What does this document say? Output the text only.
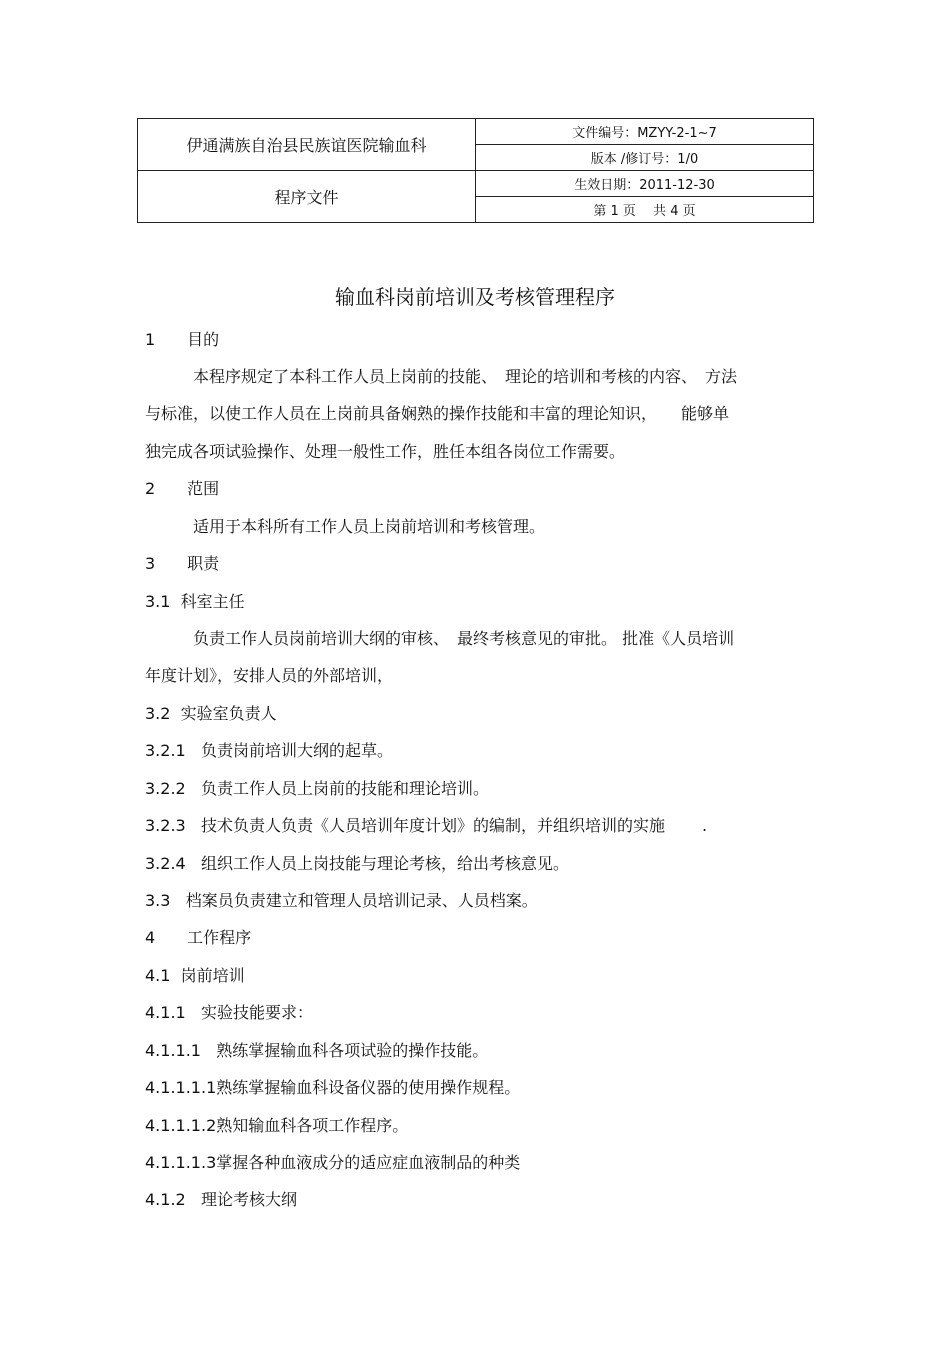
伊通满族自治县民族谊医院输血科	文件编号：MZYY-2-1~7
	版本 /修订号：1/0
程序文件	生效日期：2011-12-30
	第 1 页　 共 4 页
输血科岗前培训及考核管理程序
1　　目的
　　　本程序规定了本科工作人员上岗前的技能、　理论的培训和考核的内容、　方法
与标准，以使工作人员在上岗前具备娴熟的操作技能和丰富的理论知识，　　能够单
独完成各项试验操作、处理一般性工作，胜任本组各岗位工作需要。
2　　范围
　　　适用于本科所有工作人员上岗前培训和考核管理。
3　　职责
3.1  科室主任
　　　负责工作人员岗前培训大纲的审核、　最终考核意见的审批。 批准《人员培训
年度计划》，安排人员的外部培训，
3.2  实验室负责人
3.2.1   负责岗前培训大纲的起草。
3.2.2   负责工作人员上岗前的技能和理论培训。
3.2.3   技术负责人负责《人员培训年度计划》的编制，并组织培训的实施　　 .
3.2.4   组织工作人员上岗技能与理论考核，给出考核意见。
3.3   档案员负责建立和管理人员培训记录、人员档案。
4　　工作程序
4.1  岗前培训
4.1.1   实验技能要求：
4.1.1.1   熟练掌握输血科各项试验的操作技能。
4.1.1.1.1熟练掌握输血科设备仪器的使用操作规程。
4.1.1.1.2熟知输血科各项工作程序。
4.1.1.1.3掌握各种血液成分的适应症血液制品的种类
4.1.2   理论考核大纲
